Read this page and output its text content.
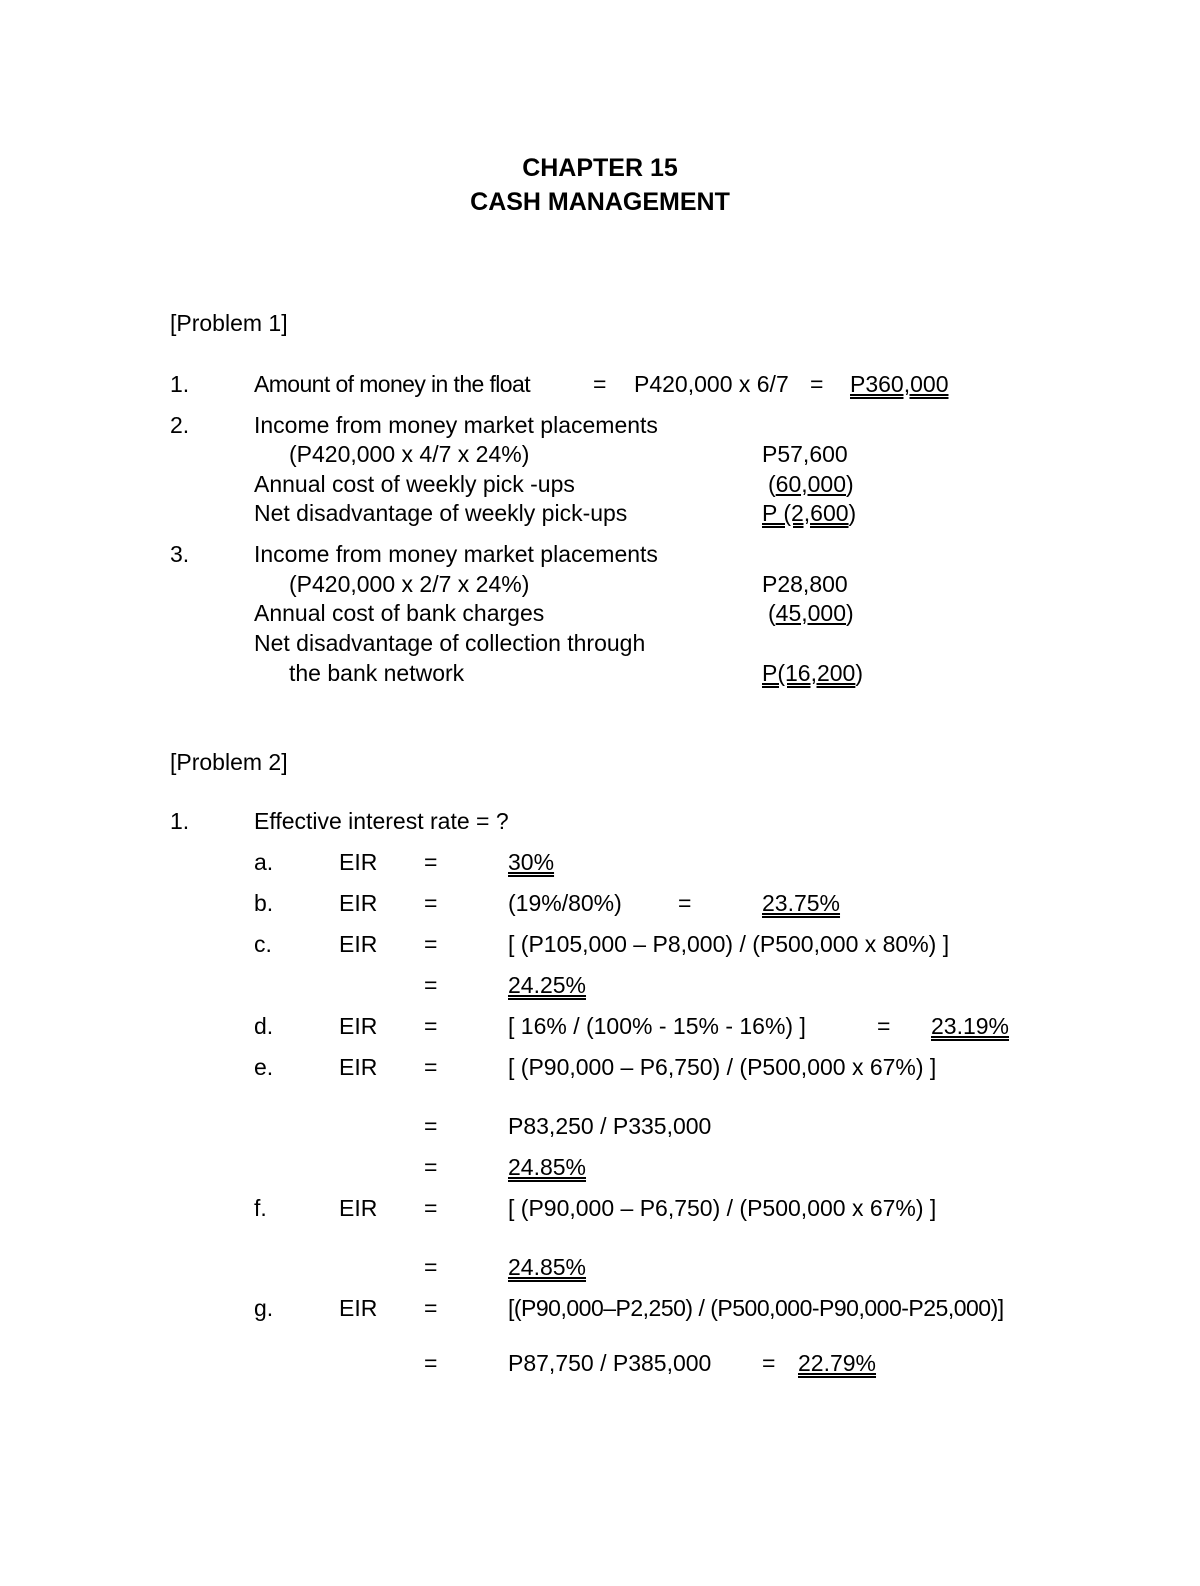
CHAPTER 15
CASH MANAGEMENT
[Problem 1]
1.	Amount of money in the float	= P420,000 x 6/7 = P360,000
2.	Income from money market placements
(P420,000 x 4/7 x 24%)	P57,600
Annual cost of weekly pick -ups	(60,000)
Net disadvantage of weekly pick-ups	P (2,600)
3.	Income from money market placements
(P420,000 x 2/7 x 24%)	P28,800
Annual cost of bank charges	(45,000)
Net disadvantage of collection through
the bank network	P(16,200)
[Problem 2]
1.	Effective interest rate = ?
a.	EIR =	30%
b.	EIR =	(19%/80%) =	23.75%
c.	EIR =	[ (P105,000 – P8,000) / (P500,000 x 80%) ]
=	24.25%
d.	EIR =	[ 16% / (100% - 15% - 16%) ]	= 23.19%
e.	EIR =	[ (P90,000 – P6,750) / (P500,000 x 67%) ]
=	P83,250 / P335,000
=	24.85%
f.	EIR =	[ (P90,000 – P6,750) / (P500,000 x 67%) ]
=	24.85%
g.	EIR =	[(P90,000–P2,250) / (P500,000-P90,000-P25,000)]
=	P87,750 / P385,000 = 22.79%
